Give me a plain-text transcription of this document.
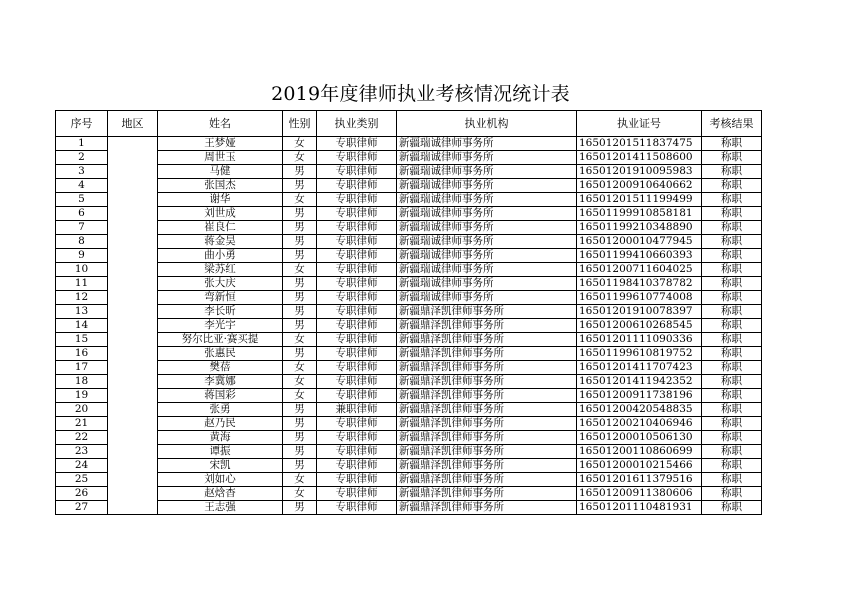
2019年度律师执业考核情况统计表
序号	地区	姓名	性别	执业类别	执业机构	执业证号	考核结果
1		王梦娅	女	专职律师	新疆瑞诚律师事务所	16501201511837475	称职
2		周世玉	女	专职律师	新疆瑞诚律师事务所	16501201411508600	称职
3		马健	男	专职律师	新疆瑞诚律师事务所	16501201910095983	称职
4		张国杰	男	专职律师	新疆瑞诚律师事务所	16501200910640662	称职
5		谢华	女	专职律师	新疆瑞诚律师事务所	16501201511199499	称职
6		刘世成	男	专职律师	新疆瑞诚律师事务所	16501199910858181	称职
7		崔良仁	男	专职律师	新疆瑞诚律师事务所	16501199210348890	称职
8		蒋金昊	男	专职律师	新疆瑞诚律师事务所	16501200010477945	称职
9		曲小勇	男	专职律师	新疆瑞诚律师事务所	16501199410660393	称职
10		梁苏红	女	专职律师	新疆瑞诚律师事务所	16501200711604025	称职
11		张大庆	男	专职律师	新疆瑞诚律师事务所	16501198410378782	称职
12		弯新恒	男	专职律师	新疆瑞诚律师事务所	16501199610774008	称职
13		李长昕	男	专职律师	新疆鼎泽凯律师事务所	16501201910078397	称职
14		李光宇	男	专职律师	新疆鼎泽凯律师事务所	16501200610268545	称职
15		努尔比亚·赛买提	女	专职律师	新疆鼎泽凯律师事务所	16501201111090336	称职
16		张惠民	男	专职律师	新疆鼎泽凯律师事务所	16501199610819752	称职
17		樊蓓	女	专职律师	新疆鼎泽凯律师事务所	16501201411707423	称职
18		李冀娜	女	专职律师	新疆鼎泽凯律师事务所	16501201411942352	称职
19		蒋国彩	女	专职律师	新疆鼎泽凯律师事务所	16501200911738196	称职
20		张勇	男	兼职律师	新疆鼎泽凯律师事务所	16501200420548835	称职
21		赵乃民	男	专职律师	新疆鼎泽凯律师事务所	16501200210406946	称职
22		黄海	男	专职律师	新疆鼎泽凯律师事务所	16501200010506130	称职
23		谭振	男	专职律师	新疆鼎泽凯律师事务所	16501200110860699	称职
24		宋凯	男	专职律师	新疆鼎泽凯律师事务所	16501200010215466	称职
25		刘如心	女	专职律师	新疆鼎泽凯律师事务所	16501201611379516	称职
26		赵焓杳	女	专职律师	新疆鼎泽凯律师事务所	16501200911380606	称职
27		王志强	男	专职律师	新疆鼎泽凯律师事务所	16501201110481931	称职
